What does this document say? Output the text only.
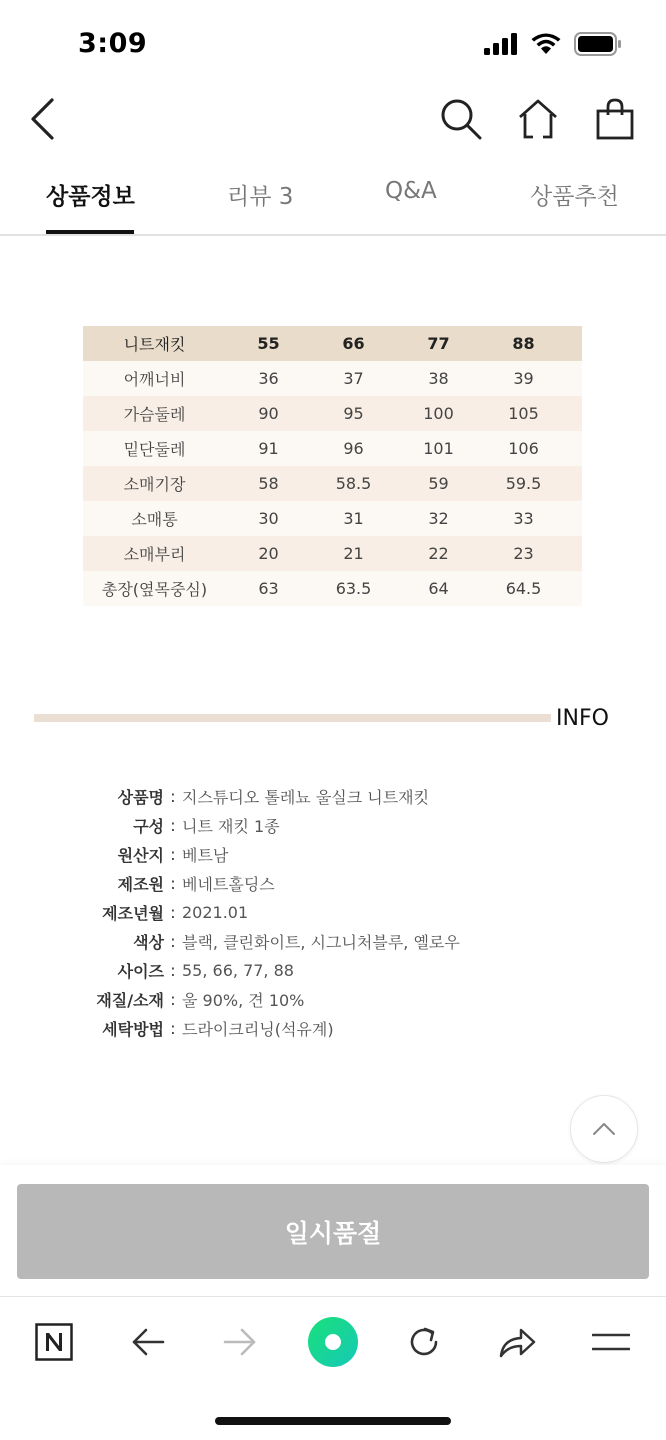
3:09
상품정보	리뷰 3	Q&A	상품추천
니트재킷	55	66	77	88
어깨너비	36	37	38	39
가슴둘레	90	95	100	105
밑단둘레	91	96	101	106
소매기장	58	58.5	59	59.5
소매통	30	31	32	33
소매부리	20	21	22	23
총장(옆목중심)	63	63.5	64	64.5
INFO
상품명 : 지스튜디오 톨레뇨 울실크 니트재킷
구성 : 니트 재킷 1종
원산지 : 베트남
제조원 : 베네트홀딩스
제조년월 : 2021.01
색상 : 블랙, 클린화이트, 시그니처블루, 옐로우
사이즈 : 55, 66, 77, 88
재질/소재 : 울 90%, 견 10%
세탁방법 : 드라이크리닝(석유계)
일시품절
